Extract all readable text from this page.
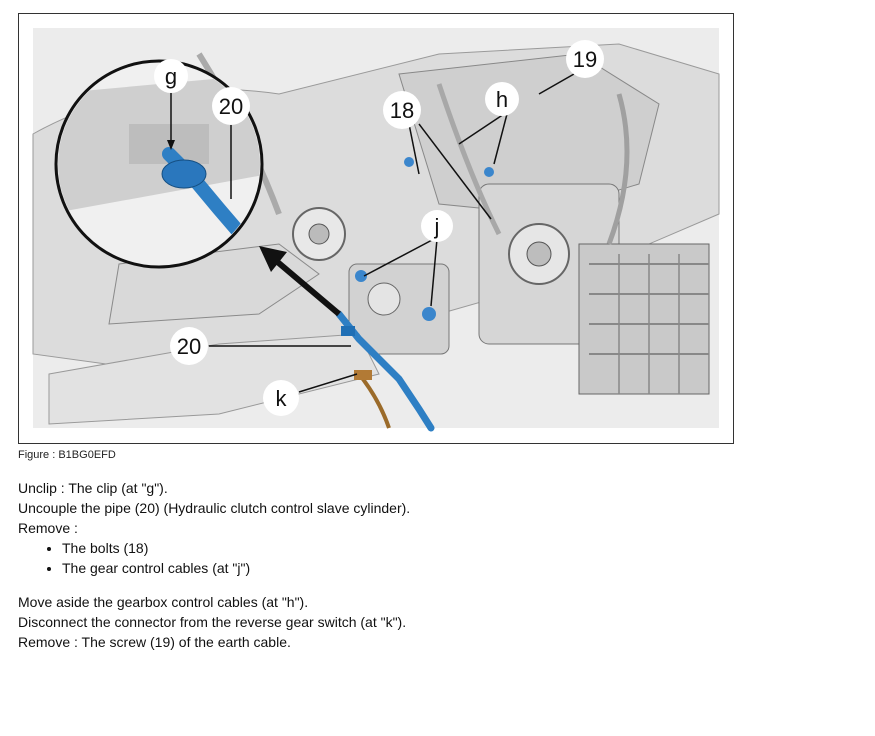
g
20	18	h
19
j
20
k
Figure : B1BG0EFD

Unclip : The clip (at "g").

Uncouple the pipe (20) (Hydraulic clutch control slave cylinder).

Remove :

• The bolts (18)
• The gear control cables (at "j")

Move aside the gearbox control cables (at "h").

Disconnect the connector from the reverse gear switch (at "k").

Remove : The screw (19) of the earth cable.
